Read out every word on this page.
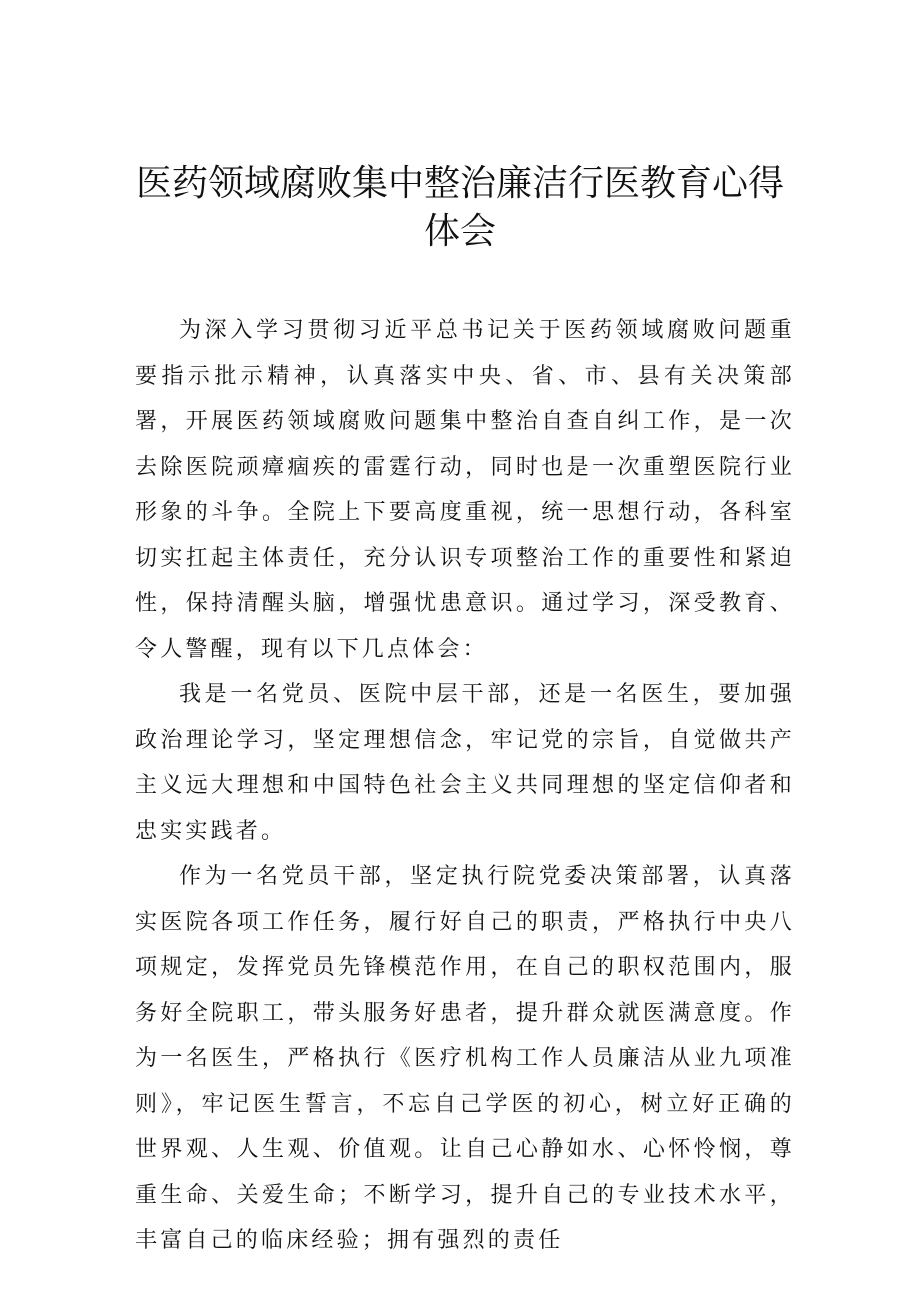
医药领域腐败集中整治廉洁行医教育心得
体会

为深入学习贯彻习近平总书记关于医药领域腐败问题重要指示批示精神，认真落实中央、省、市、县有关决策部署，开展医药领域腐败问题集中整治自查自纠工作，是一次去除医院顽瘴痼疾的雷霆行动，同时也是一次重塑医院行业形象的斗争。全院上下要高度重视，统一思想行动，各科室切实扛起主体责任，充分认识专项整治工作的重要性和紧迫性，保持清醒头脑，增强忧患意识。通过学习，深受教育、令人警醒，现有以下几点体会：

我是一名党员、医院中层干部，还是一名医生，要加强政治理论学习，坚定理想信念，牢记党的宗旨，自觉做共产主义远大理想和中国特色社会主义共同理想的坚定信仰者和忠实实践者。

作为一名党员干部，坚定执行院党委决策部署，认真落实医院各项工作任务，履行好自己的职责，严格执行中央八项规定，发挥党员先锋模范作用，在自己的职权范围内，服务好全院职工，带头服务好患者，提升群众就医满意度。作为一名医生，严格执行《医疗机构工作人员廉洁从业九项准则》，牢记医生誓言，不忘自己学医的初心，树立好正确的世界观、人生观、价值观。让自己心静如水、心怀怜悯，尊重生命、关爱生命；不断学习，提升自己的专业技术水平，丰富自己的临床经验；拥有强烈的责任
